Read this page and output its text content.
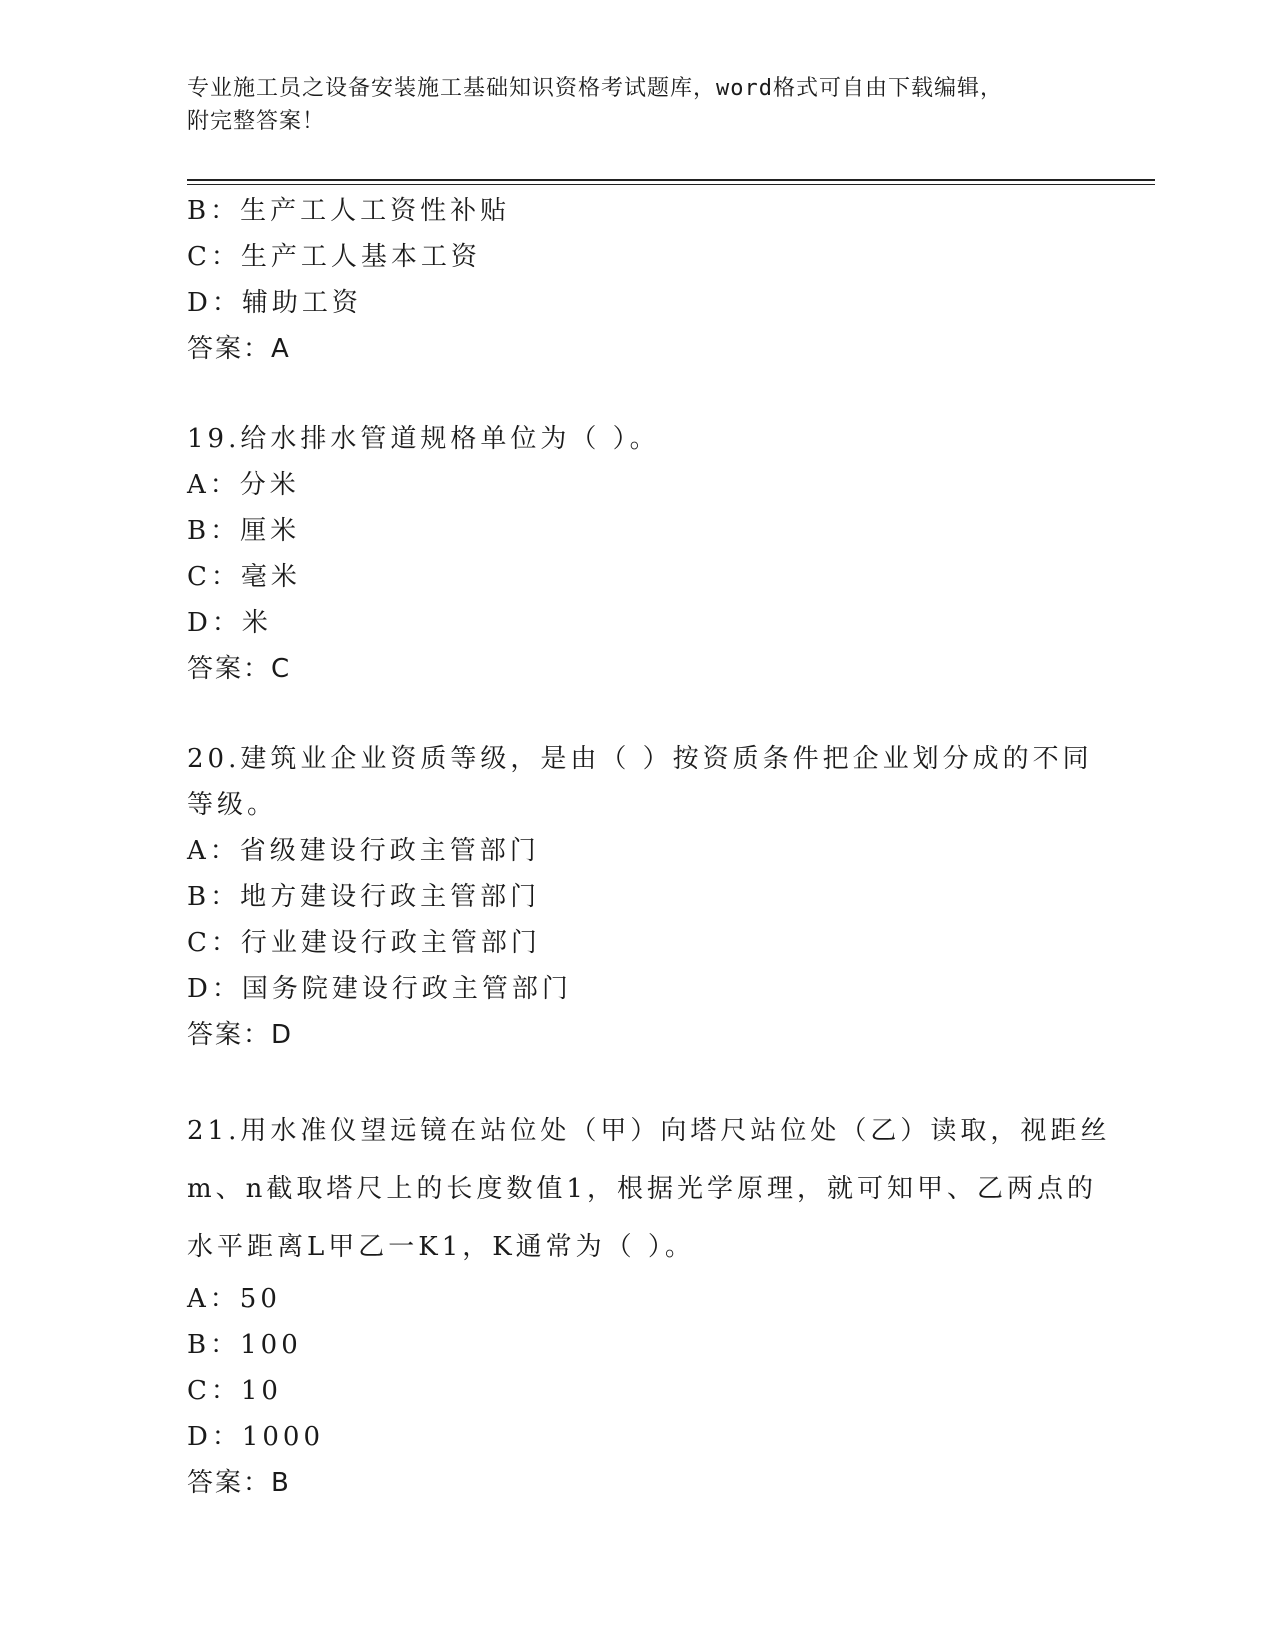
专业施工员之设备安装施工基础知识资格考试题库，word格式可自由下载编辑，
附完整答案！
B：生产工人工资性补贴
C：生产工人基本工资
D：辅助工资
答案：A
19.给水排水管道规格单位为（ ）。
A：分米
B：厘米
C：毫米
D：米
答案：C
20.建筑业企业资质等级，是由（ ）按资质条件把企业划分成的不同
等级。
A：省级建设行政主管部门
B：地方建设行政主管部门
C：行业建设行政主管部门
D：国务院建设行政主管部门
答案：D
21.用水准仪望远镜在站位处（甲）向塔尺站位处（乙）读取，视距丝
m、n截取塔尺上的长度数值1，根据光学原理，就可知甲、乙两点的
水平距离L甲乙一K1，K通常为（ ）。
A：50
B：100
C：10
D：1000
答案：B
